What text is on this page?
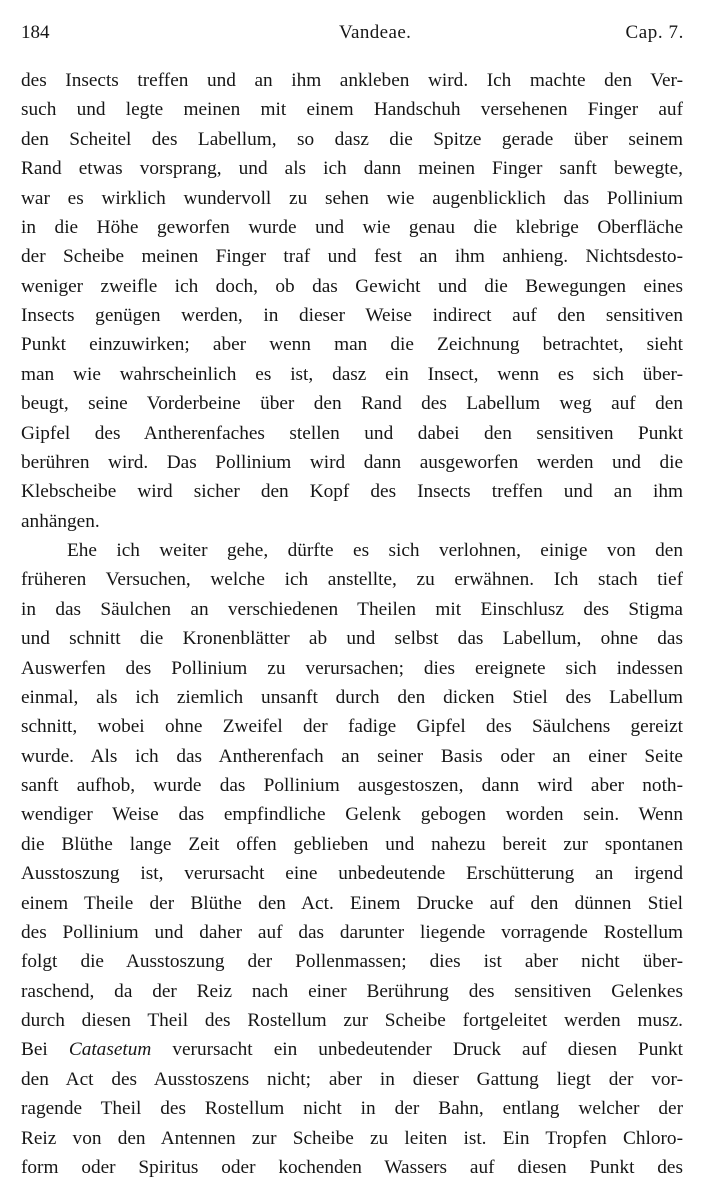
184	Vandeae.	Cap. 7.
des Insects treffen und an ihm ankleben wird. Ich machte den Ver-
such und legte meinen mit einem Handschuh versehenen Finger auf
den Scheitel des Labellum, so dasz die Spitze gerade über seinem
Rand etwas vorsprang, und als ich dann meinen Finger sanft bewegte,
war es wirklich wundervoll zu sehen wie augenblicklich das Pollinium
in die Höhe geworfen wurde und wie genau die klebrige Oberfläche
der Scheibe meinen Finger traf und fest an ihm anhieng. Nichtsdesto-
weniger zweifle ich doch, ob das Gewicht und die Bewegungen eines
Insects genügen werden, in dieser Weise indirect auf den sensitiven
Punkt einzuwirken; aber wenn man die Zeichnung betrachtet, sieht
man wie wahrscheinlich es ist, dasz ein Insect, wenn es sich über-
beugt, seine Vorderbeine über den Rand des Labellum weg auf den
Gipfel des Antherenfaches stellen und dabei den sensitiven Punkt
berühren wird. Das Pollinium wird dann ausgeworfen werden und die
Klebscheibe wird sicher den Kopf des Insects treffen und an ihm
anhängen.
Ehe ich weiter gehe, dürfte es sich verlohnen, einige von den
früheren Versuchen, welche ich anstellte, zu erwähnen. Ich stach tief
in das Säulchen an verschiedenen Theilen mit Einschlusz des Stigma
und schnitt die Kronenblätter ab und selbst das Labellum, ohne das
Auswerfen des Pollinium zu verursachen; dies ereignete sich indessen
einmal, als ich ziemlich unsanft durch den dicken Stiel des Labellum
schnitt, wobei ohne Zweifel der fadige Gipfel des Säulchens gereizt
wurde. Als ich das Antherenfach an seiner Basis oder an einer Seite
sanft aufhob, wurde das Pollinium ausgestoszen, dann wird aber noth-
wendiger Weise das empfindliche Gelenk gebogen worden sein. Wenn
die Blüthe lange Zeit offen geblieben und nahezu bereit zur spontanen
Ausstoszung ist, verursacht eine unbedeutende Erschütterung an irgend
einem Theile der Blüthe den Act. Einem Drucke auf den dünnen Stiel
des Pollinium und daher auf das darunter liegende vorragende Rostellum
folgt die Ausstoszung der Pollenmassen; dies ist aber nicht über-
raschend, da der Reiz nach einer Berührung des sensitiven Gelenkes
durch diesen Theil des Rostellum zur Scheibe fortgeleitet werden musz.
Bei Catasetum verursacht ein unbedeutender Druck auf diesen Punkt
den Act des Ausstoszens nicht; aber in dieser Gattung liegt der vor-
ragende Theil des Rostellum nicht in der Bahn, entlang welcher der
Reiz von den Antennen zur Scheibe zu leiten ist. Ein Tropfen Chloro-
form oder Spiritus oder kochenden Wassers auf diesen Punkt des
